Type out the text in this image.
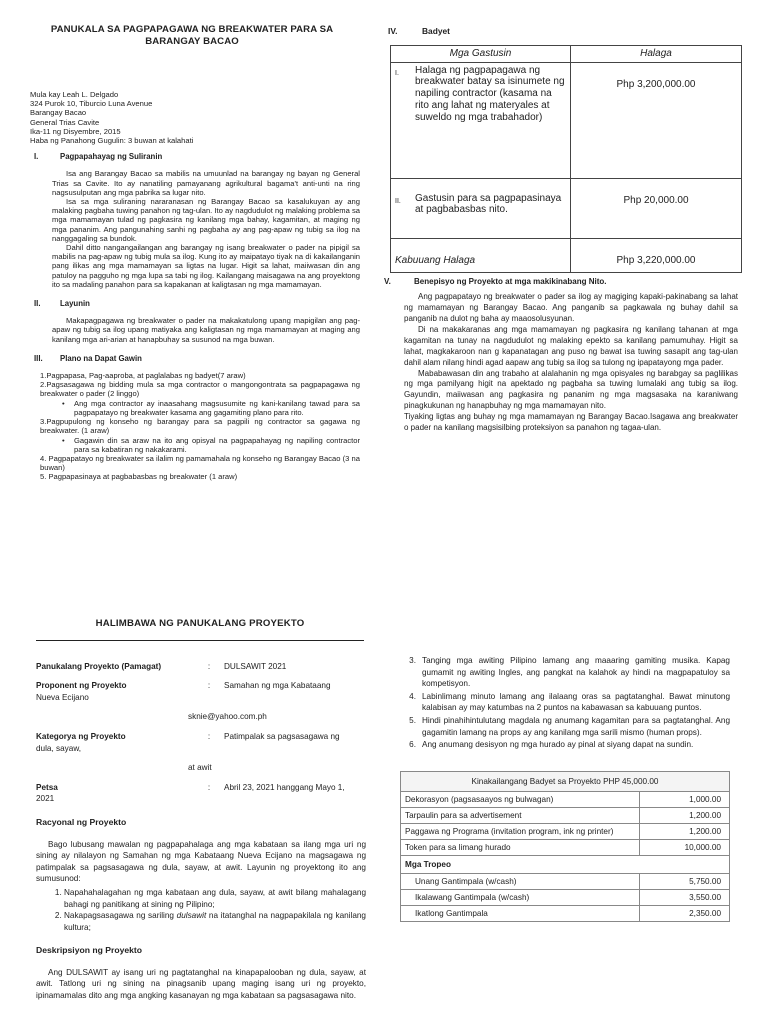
PANUKALA SA PAGPAPAGAWA NG BREAKWATER PARA SA
BARANGAY BACAO
Mula kay Leah L. Delgado
324 Purok 10, Tiburcio Luna Avenue
Barangay Bacao
General Trias Cavite
Ika-11 ng Disyembre, 2015
Haba ng Panahong Gugulin: 3 buwan at kalahati
I.	Pagpapahayag ng Suliranin

Isa ang Barangay Bacao sa mabilis na umuunlad na barangay ng bayan ng General Trias sa Cavite. Ito ay nanatiling pamayanang agrikultural bagama't anti-unti na ring nagsusulputan ang mga pabrika sa lugar nito.

Isa sa mga suliraning nararanasan ng Barangay Bacao sa kasalukuyan ay ang malaking pagbaha tuwing panahon ng tag-ulan. Ito ay nagdudulot ng malaking problema sa mga mamamayan tulad ng pagkasira ng kanilang mga bahay, kagamitan, at maging ng mga pananim. Ang pangunahing sanhi ng pagbaha ay ang pag-apaw ng tubig sa ilog na nanggagaling sa bundok.

Dahil ditto nangangailangan ang barangay ng isang breakwater o pader na pipigil sa mabilis na pag-apaw ng tubig mula sa ilog. Kung ito ay maipatayo tiyak na di kakailanganin pang ilikas ang mga mamamayan sa ligtas na lugar. Higit sa lahat, maiiwasan din ang patuloy na pagguho ng mga lupa sa tabi ng ilog. Kailangang maisagawa na ang proyektong ito sa madaling panahon para sa kapakanan at kaligtasan ng mga mamamayan.

II.	Layunin

Makapagpagawa ng breakwater o pader na makakatulong upang mapigilan ang pag-apaw ng tubig sa ilog upang matiyaka ang kaligtasan ng mga mamamayan at maging ang kanilang mga ari-arian at hanapbuhay sa susunod na mga buwan.

III.	Plano na Dapat Gawin
1.Pagpapasa, Pag-aaproba, at paglalabas ng badyet(7 araw)
2.Pagsasagawa ng bidding mula sa mga contractor o mangongontrata sa pagpapagawa ng breakwater o pader (2 linggo)
•	Ang mga contractor ay inaasahang magsusumite ng kani-kanilang tawad para sa pagpapatayo ng breakwater kasama ang gagamiting plano para rito.
3.Pagpupulong ng konseho ng barangay para sa pagpili ng contractor sa gagawa ng breakwater. (1 araw)
•	Gagawin din sa araw na ito ang opisyal na pagpapahayag ng napiling contractor para sa kabatiran ng nakakarami.
4. Pagpapatayo ng breakwater sa ilalim ng pamamahala ng konseho ng Barangay Bacao (3 na buwan)
5. Pagpapasinaya at pagbabasbas ng breakwater (1 araw)
IV.	Badyet
Mga Gastusin	Halaga

I. Halaga ng pagpapagawa ng breakwater batay sa isinumete ng napiling contractor (kasama na rito ang lahat ng materyales at suweldo ng mga trabahador)	Php 3,200,000.00

II. Gastusin para sa pagpapasinaya at pagbabasbas nito.	Php 20,000.00
Kabuuang Halaga	Php 3,220,000.00
V.	Benepisyo ng Proyekto at mga makikinabang Nito.

Ang pagpapatayo ng breakwater o pader sa ilog ay magiging kapaki-pakinabang sa lahat ng mamamayan ng Barangay Bacao. Ang panganib sa pagkawala ng buhay dahil sa panganib na dulot ng baha ay maaosolusyunan.

Di na makakaranas ang mga mamamayan ng pagkasira ng kanilang tahanan at mga kagamitan na tunay na nagdudulot ng malaking epekto sa kanilang pamumuhay. Higit sa lahat, magkakaroon nan g kapanatagan ang puso ng bawat isa tuwing sasapit ang tag-ulan dahil alam nilang hindi agad aapaw ang tubig sa ilog sa tulong ng ipapatayong mga pader.

Mababawasan din ang trabaho at alalahanin ng mga opisyales ng barabgay sa paglilikas ng mga pamilyang higit na apektado ng pagbaha sa tuwing lumalaki ang tubig sa ilog. Gayundin, maiiwasan ang pagkasira ng pananim ng mga magsasaka na karaniwang pinagkukunan ng hanapbuhay ng mga mamamayan nito.

Tiyaking ligtas ang buhay ng mga mamamayan ng Barangay Bacao.Isagawa ang breakwater o pader na kanilang magsisilbing proteksiyon sa panahon ng tagaa-ulan.

HALIMBAWA NG PANUKALANG PROYEKTO
Panukalang Proyekto (Pamagat)	:	DULSAWIT 2021
Proponent ng Proyekto	:	Samahan ng mga Kabataang
Nueva Ecijano
sknie@yahoo.com.ph
Kategorya ng Proyekto	:	Patimpalak sa pagsasagawa ng
dula, sayaw,
at awit
Petsa	:	Abril 23, 2021 hanggang Mayo 1,
2021
Racyonal ng Proyekto

Bago lubusang mawalan ng pagpapahalaga ang mga kabataan sa ilang mga uri ng sining ay nilalayon ng Samahan ng mga Kabataang Nueva Ecijano na magsagawa ng patimpalak sa pagsasagawa ng dula, sayaw, at awit. Layunin ng proyektong ito ang sumusunod:

1. Napahahalagahan ng mga kabataan ang dula, sayaw, at awit bilang mahalagang bahagi ng panitikang at sining ng Pilipino;
2. Nakapagsasagawa ng sariling dulsawit na itatanghal na nagpapakilala ng kanilang kultura;
Deskripsiyon ng Proyekto

Ang DULSAWIT ay isang uri ng pagtatanghal na kinapapalooban ng dula, sayaw, at awit. Tatlong uri ng sining na pinagsanib upang maging isang uri ng proyekto, ipinamamalas dito ang mga angking kasanayan ng mga kabataan sa pagsasagawa nito.

3. Tanging mga awiting Pilipino lamang ang maaaring gamiting musika. Kapag gumamit ng awiting Ingles, ang pangkat na kalahok ay hindi na magpapatuloy sa kompetisyon.
4. Labinlimang minuto lamang ang ilalaang oras sa pagtatanghal. Bawat minutong kalabisan ay may katumbas na 2 puntos na kabawasan sa kabuuang puntos.
5. Hindi pinahihintulutang magdala ng anumang kagamitan para sa pagtatanghal. Ang gagamitin lamang na props ay ang kanilang mga sarili mismo (human props).
6. Ang anumang desisyon ng mga hurado ay pinal at siyang dapat na sundin.
Kinakailangang Badyet sa Proyekto PHP 45,000.00	
Dekorasyon (pagsasaayos ng bulwagan)	1,000.00
Tarpaulin para sa advertisement	1,200.00
Paggawa ng Programa (invitation program, ink ng printer)	1,200.00
Token para sa limang hurado	10,000.00
Mga Tropeo	
Unang Gantimpala (w/cash)	5,750.00
Ikalawang Gantimpala (w/cash)	3,550.00
Ikatlong Gantimpala	2,350.00
